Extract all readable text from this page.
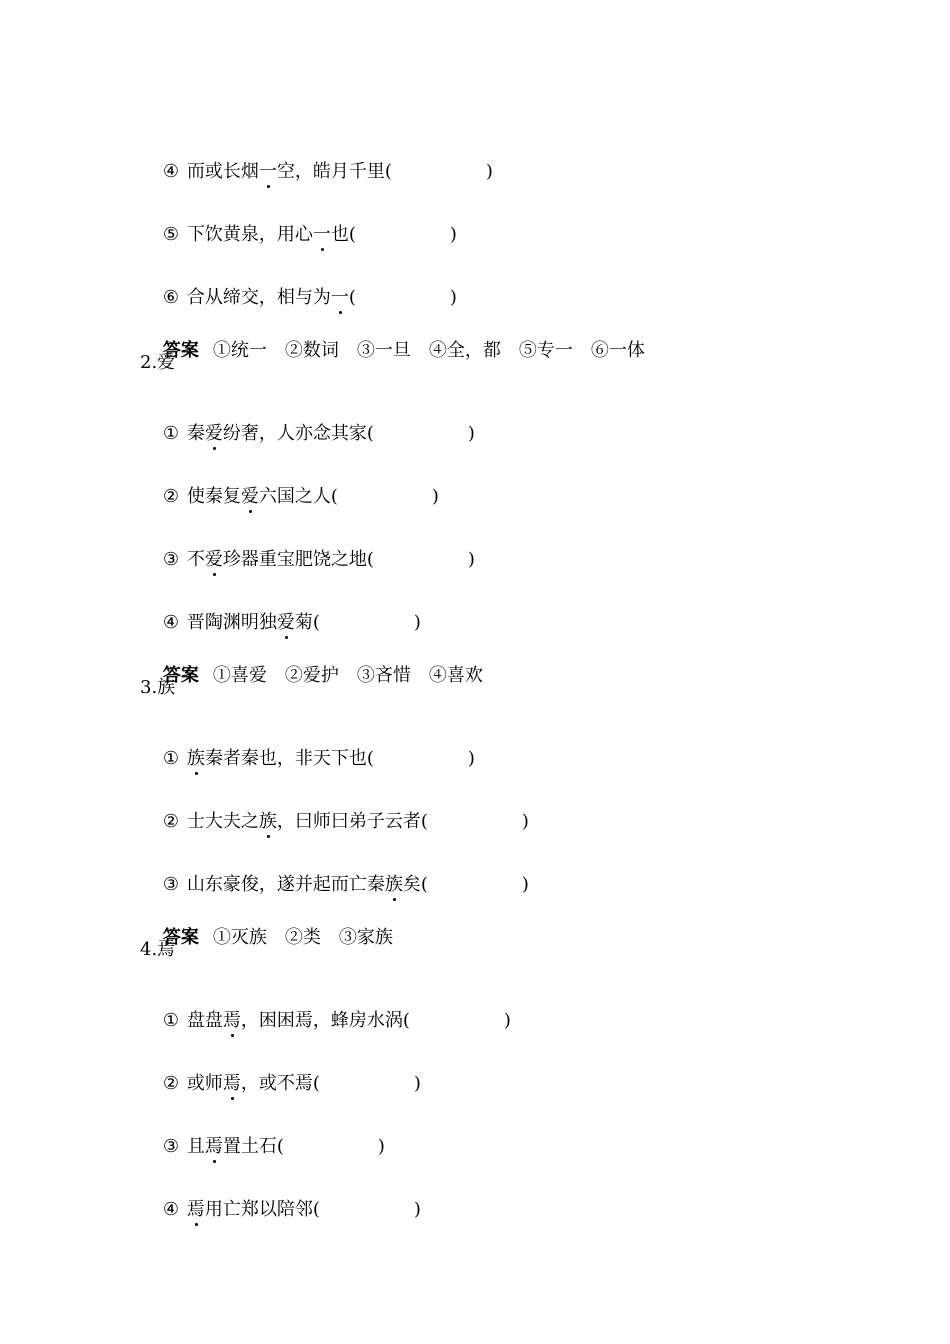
④ 而或长烟一空，皓月千里(	)

⑤ 下饮黄泉，用心一也(	)

⑥ 合从缔交，相与为一(	)

答案 ①统一　②数词　③一旦　④全，都　⑤专一　⑥一体

2.爱

① 秦爱纷奢，人亦念其家(	)

② 使秦复爱六国之人(	)

③ 不爱珍器重宝肥饶之地(	)

④ 晋陶渊明独爱菊(	)

答案 ①喜爱　②爱护　③吝惜　④喜欢

3.族

① 族秦者秦也，非天下也(	)

② 士大夫之族，曰师曰弟子云者(	)

③ 山东豪俊，遂并起而亡秦族矣(	)

答案 ①灭族　②类　③家族

4.焉

① 盘盘焉，困困焉，蜂房水涡(	)

② 或师焉，或不焉(	)

③ 且焉置土石(	)

④ 焉用亡郑以陪邻(	)
